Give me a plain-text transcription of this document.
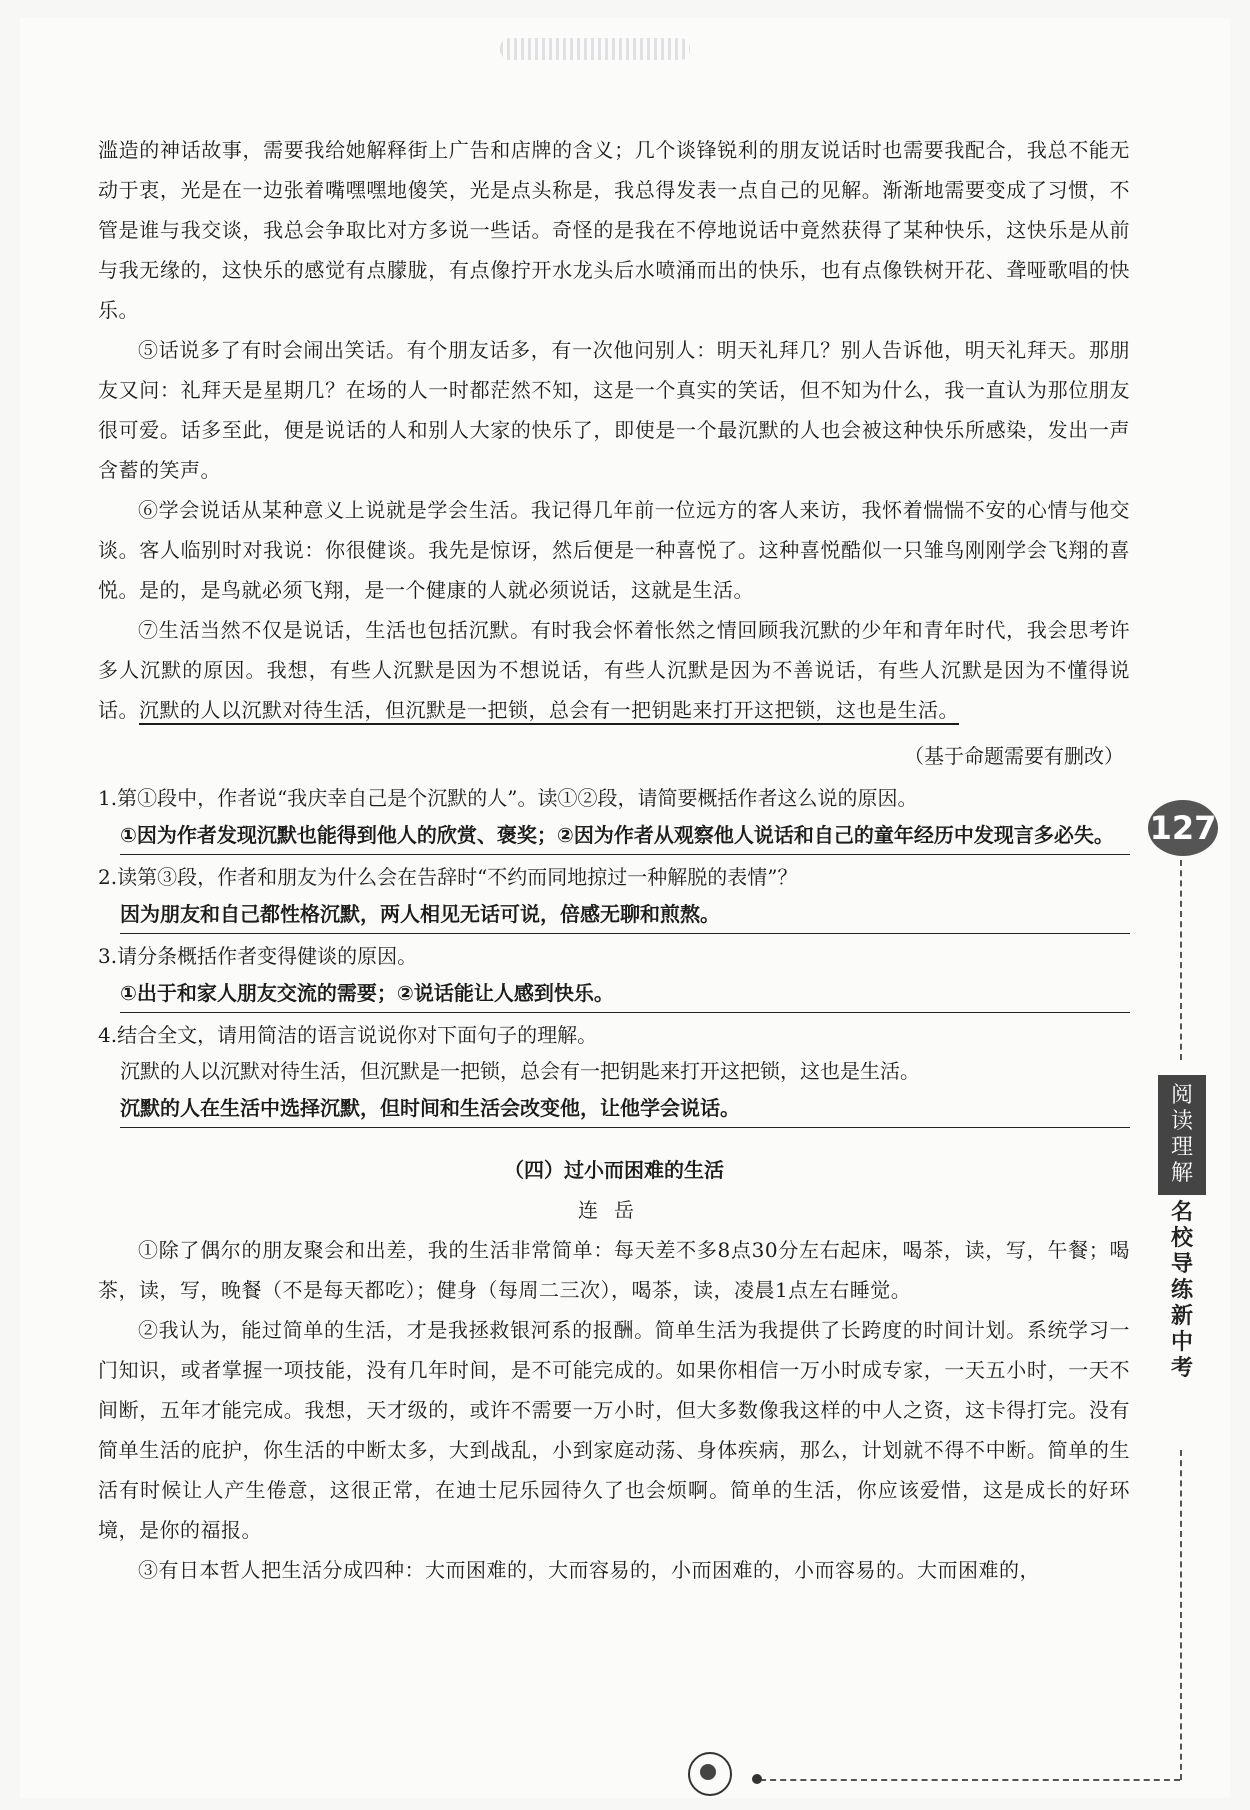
滥造的神话故事，需要我给她解释街上广告和店牌的含义；几个谈锋锐利的朋友说话时也需要我配合，我总不能无动于衷，光是在一边张着嘴嘿嘿地傻笑，光是点头称是，我总得发表一点自己的见解。渐渐地需要变成了习惯，不管是谁与我交谈，我总会争取比对方多说一些话。奇怪的是我在不停地说话中竟然获得了某种快乐，这快乐是从前与我无缘的，这快乐的感觉有点朦胧，有点像拧开水龙头后水喷涌而出的快乐，也有点像铁树开花、聋哑歌唱的快乐。

⑤话说多了有时会闹出笑话。有个朋友话多，有一次他问别人：明天礼拜几？别人告诉他，明天礼拜天。那朋友又问：礼拜天是星期几？在场的人一时都茫然不知，这是一个真实的笑话，但不知为什么，我一直认为那位朋友很可爱。话多至此，便是说话的人和别人大家的快乐了，即使是一个最沉默的人也会被这种快乐所感染，发出一声含蓄的笑声。

⑥学会说话从某种意义上说就是学会生活。我记得几年前一位远方的客人来访，我怀着惴惴不安的心情与他交谈。客人临别时对我说：你很健谈。我先是惊讶，然后便是一种喜悦了。这种喜悦酷似一只雏鸟刚刚学会飞翔的喜悦。是的，是鸟就必须飞翔，是一个健康的人就必须说话，这就是生活。

⑦生活当然不仅是说话，生活也包括沉默。有时我会怀着怅然之情回顾我沉默的少年和青年时代，我会思考许多人沉默的原因。我想，有些人沉默是因为不想说话，有些人沉默是因为不善说话，有些人沉默是因为不懂得说话。沉默的人以沉默对待生活，但沉默是一把锁，总会有一把钥匙来打开这把锁，这也是生活。

（基于命题需要有删改）
1.第①段中，作者说“我庆幸自己是个沉默的人”。读①②段，请简要概括作者这么说的原因。
①因为作者发现沉默也能得到他人的欣赏、褒奖；②因为作者从观察他人说话和自己的童年经历中发现言多必失。
2.读第③段，作者和朋友为什么会在告辞时“不约而同地掠过一种解脱的表情”？
因为朋友和自己都性格沉默，两人相见无话可说，倍感无聊和煎熬。
3.请分条概括作者变得健谈的原因。
①出于和家人朋友交流的需要；②说话能让人感到快乐。
4.结合全文，请用简洁的语言说说你对下面句子的理解。
沉默的人以沉默对待生活，但沉默是一把锁，总会有一把钥匙来打开这把锁，这也是生活。
沉默的人在生活中选择沉默，但时间和生活会改变他，让他学会说话。
（四）过小而困难的生活
连岳

①除了偶尔的朋友聚会和出差，我的生活非常简单：每天差不多8点30分左右起床，喝茶，读，写，午餐；喝茶，读，写，晚餐（不是每天都吃）；健身（每周二三次），喝茶，读，凌晨1点左右睡觉。

②我认为，能过简单的生活，才是我拯救银河系的报酬。简单生活为我提供了长跨度的时间计划。系统学习一门知识，或者掌握一项技能，没有几年时间，是不可能完成的。如果你相信一万小时成专家，一天五小时，一天不间断，五年才能完成。我想，天才级的，或许不需要一万小时，但大多数像我这样的中人之资，这卡得打完。没有简单生活的庇护，你生活的中断太多，大到战乱，小到家庭动荡、身体疾病，那么，计划就不得不中断。简单的生活有时候让人产生倦意，这很正常，在迪士尼乐园待久了也会烦啊。简单的生活，你应该爱惜，这是成长的好环境，是你的福报。

③有日本哲人把生活分成四种：大而困难的，大而容易的，小而困难的，小而容易的。大而困难的，

127
阅读理解
名校导练 新中考
